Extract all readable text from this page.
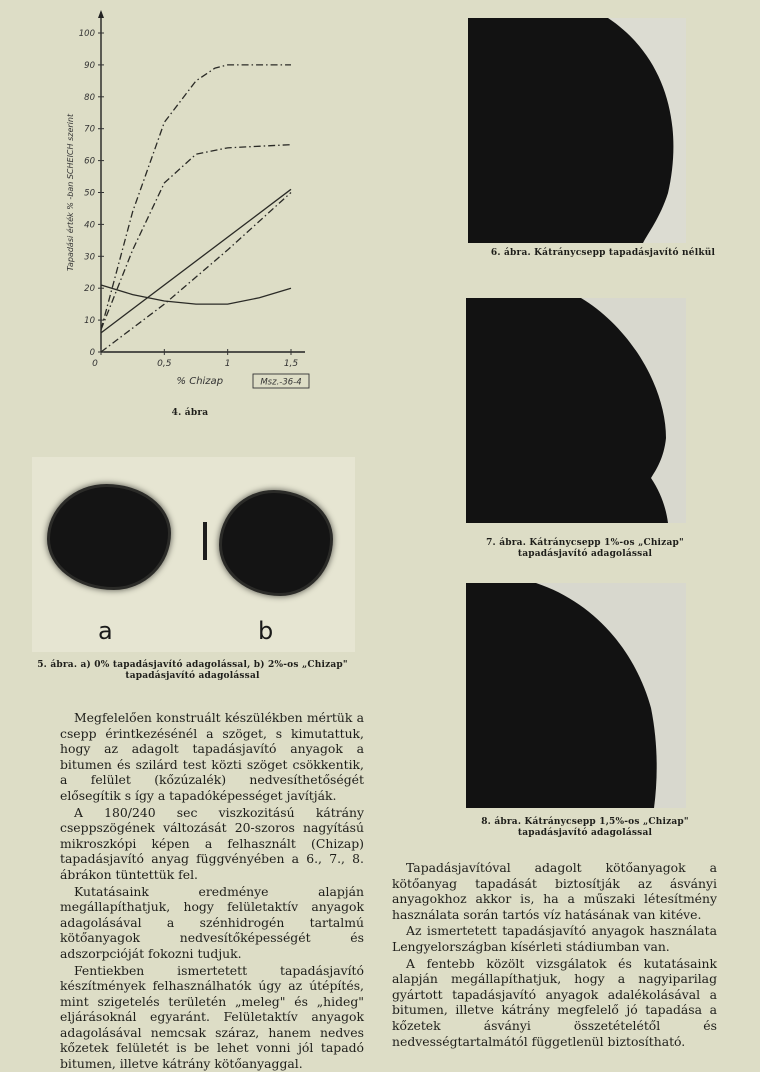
0
10
20
30
40
50
60
70
80
90
100
0	0,5	1	1,5
% Chizap
Tapadási érték % -ban SCHEICH szerint
Msz.-36-4
4. ábra
a	b
5. ábra. a) 0% tapadásjavító adagolással, b) 2%-os „Chizap"
tapadásjavító adagolással
6. ábra. Kátránycsepp tapadásjavító nélkül
7. ábra. Kátránycsepp 1%-os „Chizap"
tapadásjavító adagolással
8. ábra. Kátránycsepp 1,5%-os „Chizap"
tapadásjavító adagolással

Megfelelően konstruált készülékben mértük a csepp érintkezésénél a szöget, s kimutattuk, hogy az adagolt tapadásjavító anyagok a bitumen és szilárd test közti szöget csökkentik, a felület (kőzúzalék) nedvesíthetőségét elősegítik s így a tapadóképességet javítják.

A 180/240 sec viszkozitású kátrány cseppszögének változását 20-szoros nagyítású mikroszkópi képen a felhasznált (Chizap) tapadásjavító anyag függvényében a 6., 7., 8. ábrákon tüntettük fel.

Kutatásaink eredménye alapján megállapíthatjuk, hogy felületaktív anyagok adagolásával a szénhidrogén tartalmú kötőanyagok nedvesítőképességét és adszorpcióját fokozni tudjuk.

Fentiekben ismertetett tapadásjavító készítmények felhasználhatók úgy az útépítés, mint szigetelés területén „meleg" és „hideg" eljárásoknál egyaránt. Felületaktív anyagok adagolásával nemcsak száraz, hanem nedves kőzetek felületét is be lehet vonni jól tapadó bitumen, illetve kátrány kötőanyaggal.

Tapadásjavítóval adagolt kötőanyagok a kötőanyag tapadását biztosítják az ásványi anyagokhoz akkor is, ha a műszaki létesítmény használata során tartós víz hatásának van kitéve.

Az ismertetett tapadásjavító anyagok használata Lengyelországban kísérleti stádiumban van.

A fentebb közölt vizsgálatok és kutatásaink alapján megállapíthatjuk, hogy a nagyiparilag gyártott tapadásjavító anyagok adalékolásával a bitumen, illetve kátrány megfelelő jó tapadása a kőzetek ásványi összetételétől és nedvességtartalmától függetlenül biztosítható.
